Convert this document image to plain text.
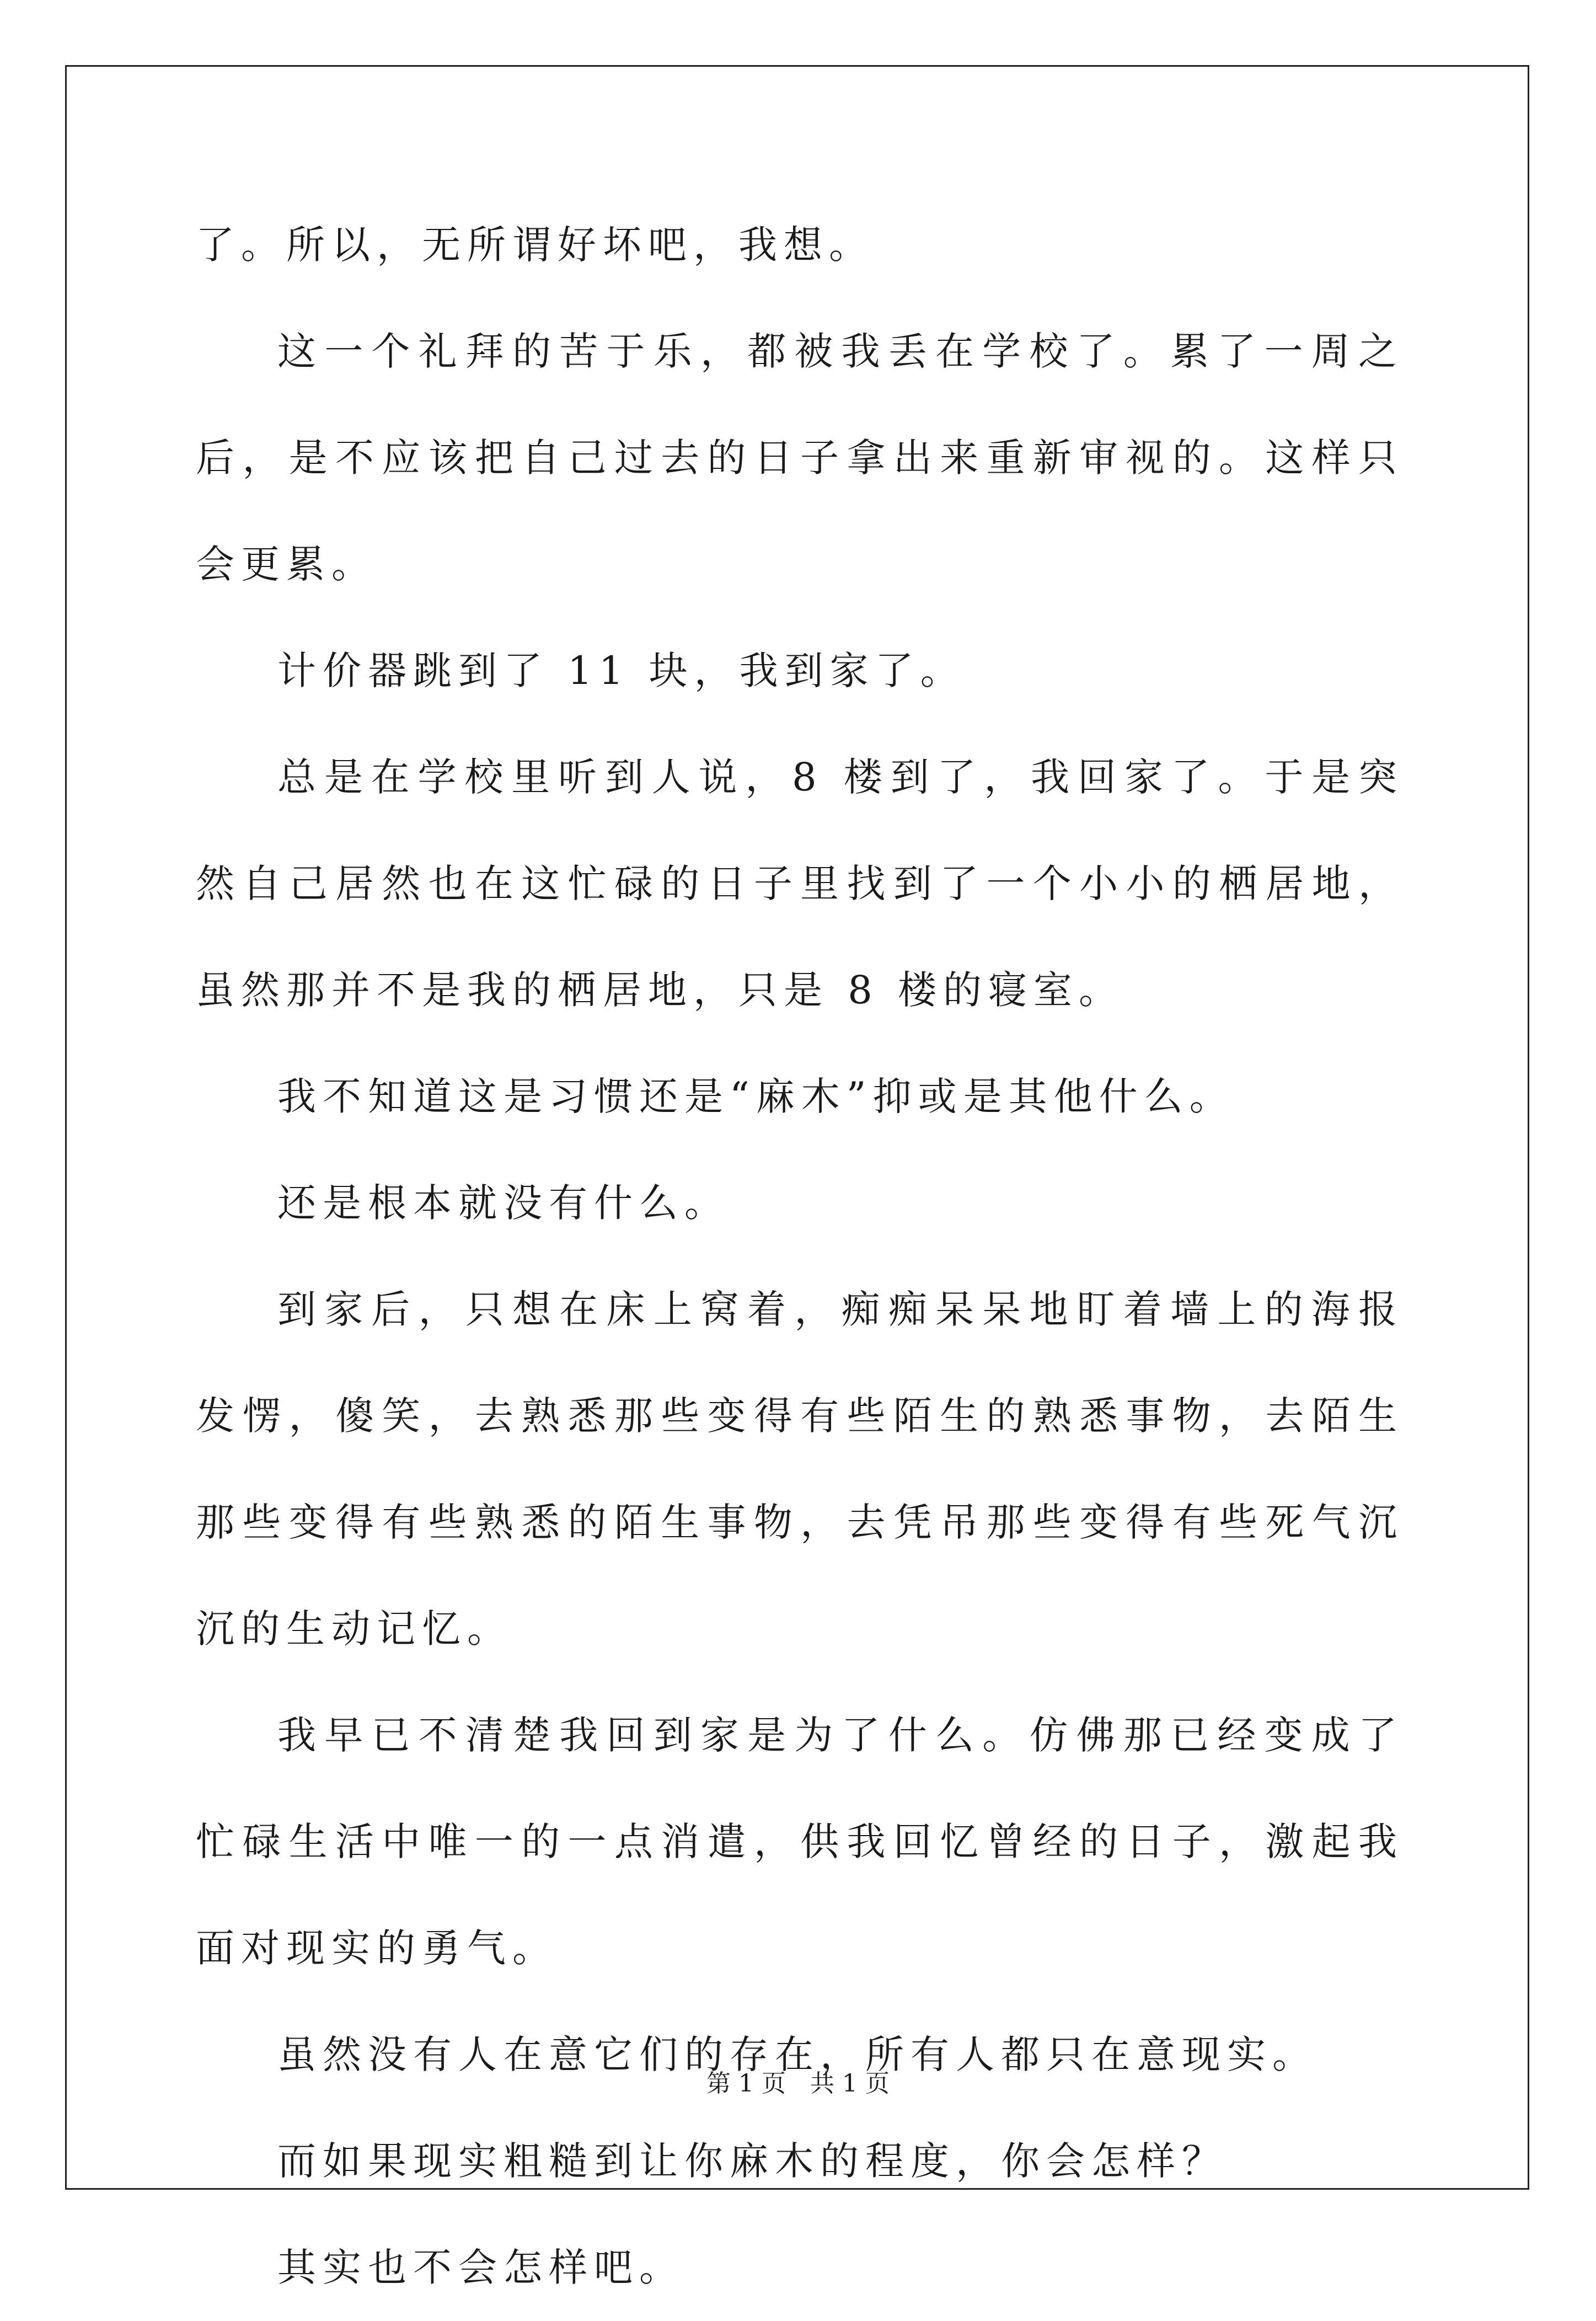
了。所以，无所谓好坏吧，我想。

这一个礼拜的苦于乐，都被我丢在学校了。累了一周之后，是不应该把自己过去的日子拿出来重新审视的。这样只会更累。

计价器跳到了 11 块，我到家了。

总是在学校里听到人说，8 楼到了，我回家了。于是突然自己居然也在这忙碌的日子里找到了一个小小的栖居地，虽然那并不是我的栖居地，只是 8 楼的寝室。

我不知道这是习惯还是“麻木”抑或是其他什么。

还是根本就没有什么。

到家后，只想在床上窝着，痴痴呆呆地盯着墙上的海报发愣，傻笑，去熟悉那些变得有些陌生的熟悉事物，去陌生那些变得有些熟悉的陌生事物，去凭吊那些变得有些死气沉沉的生动记忆。

我早已不清楚我回到家是为了什么。仿佛那已经变成了忙碌生活中唯一的一点消遣，供我回忆曾经的日子，激起我面对现实的勇气。

虽然没有人在意它们的存在，所有人都只在意现实。

而如果现实粗糙到让你麻木的程度，你会怎样？

其实也不会怎样吧。

第 1 页　共 1 页
